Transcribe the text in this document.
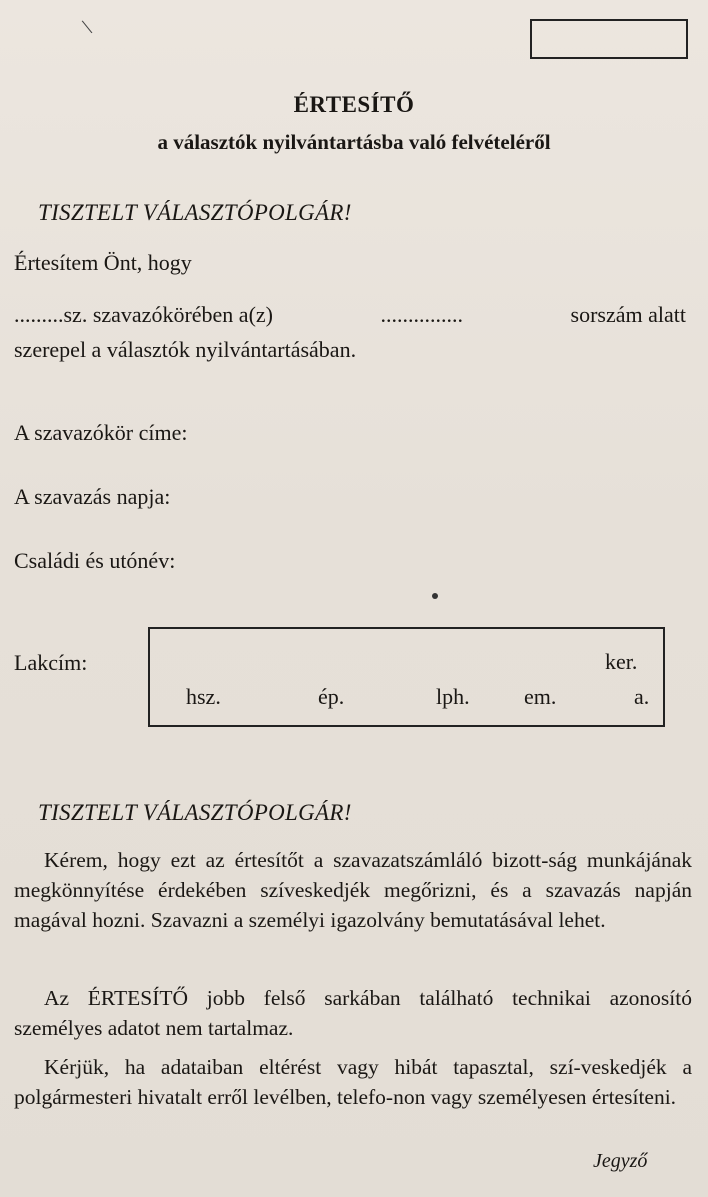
\
ÉRTESÍTŐ
a választók nyilvántartásba való felvételéről
TISZTELT VÁLASZTÓPOLGÁR!
Értesítem Önt, hogy
.........sz. szavazókörében a(z)	...............	sorszám alatt
szerepel a választók nyilvántartásában.
A szavazókör címe:
A szavazás napja:
Családi és utónév:
Lakcím:	ker.
hsz.	ép.	lph. em.	a.
TISZTELT VÁLASZTÓPOLGÁR!
Kérem, hogy ezt az értesítőt a szavazatszámláló bizott-ság munkájának megkönnyítése érdekében szíveskedjék megőrizni, és a szavazás napján magával hozni. Szavazni a személyi igazolvány bemutatásával lehet.
Az ÉRTESÍTŐ jobb felső sarkában található technikai azonosító személyes adatot nem tartalmaz.
Kérjük, ha adataiban eltérést vagy hibát tapasztal, szí-veskedjék a polgármesteri hivatalt erről levélben, telefo-non vagy személyesen értesíteni.
Jegyző
